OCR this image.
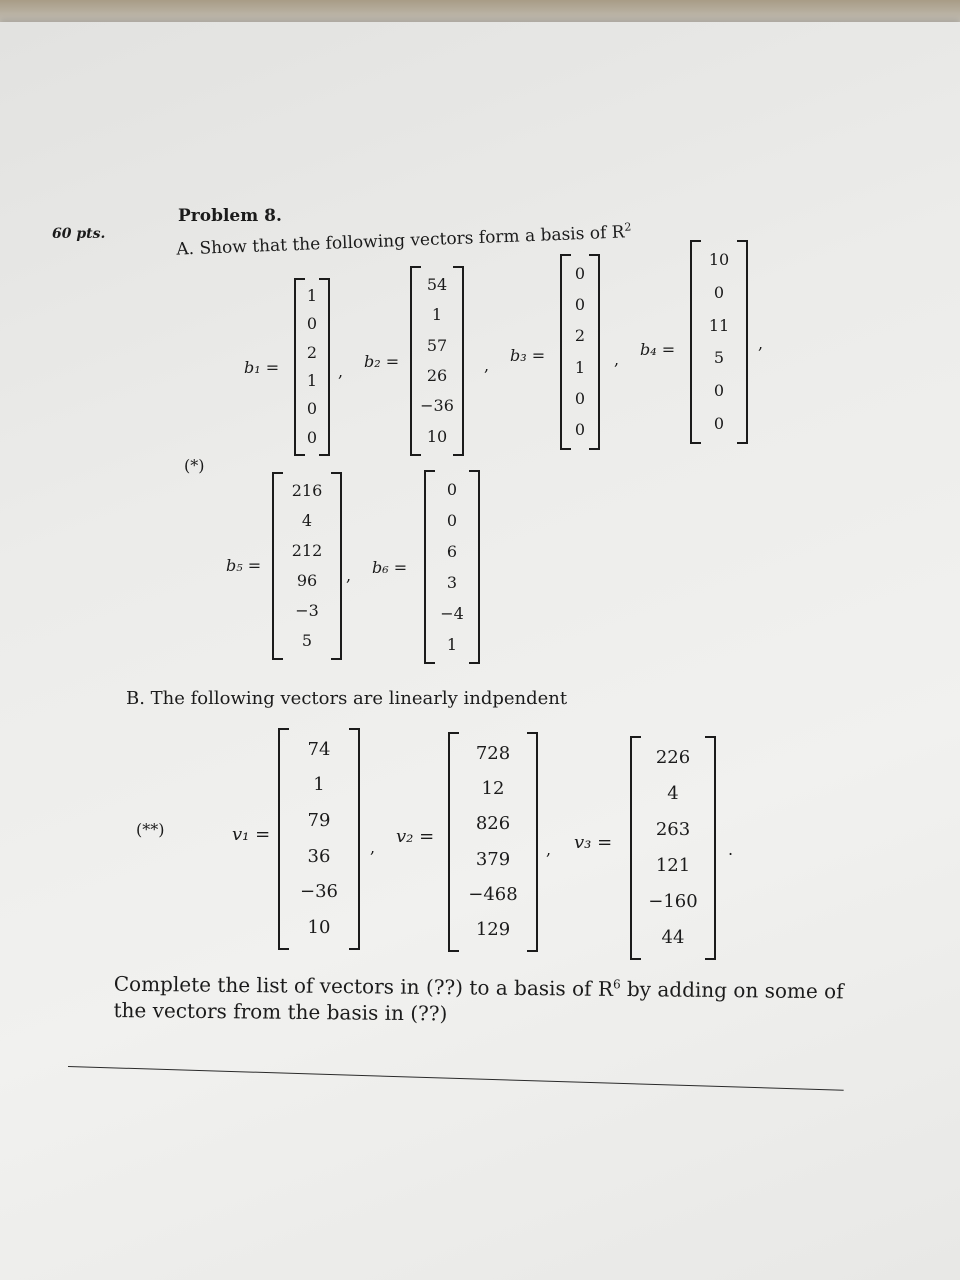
60 pts.
Problem 8.
A. Show that the following vectors form a basis of $R^2$
(*)
b₁ =
1
0
2
1
0
0
,
b₂ =
54
1
57
26
−36
10
,
b₃ =
0
0
2
1
0
0
,
b₄ =
10
0
11
5
0
0
,
b₅ =
216
4
212
96
−3
5
, b₆ =
0
0
6
3
−4
1
B. The following vectors are linearly indpendent
(**)	v₁ =
74
1
79
36
−36
10
,
v₂ =
728
12
826
379
−468
129
, v₃ =
226
4
263
121
−160
44
.
Complete the list of vectors in (??) to a basis of $R^6$ by adding on some of
the vectors from the basis in (??)
